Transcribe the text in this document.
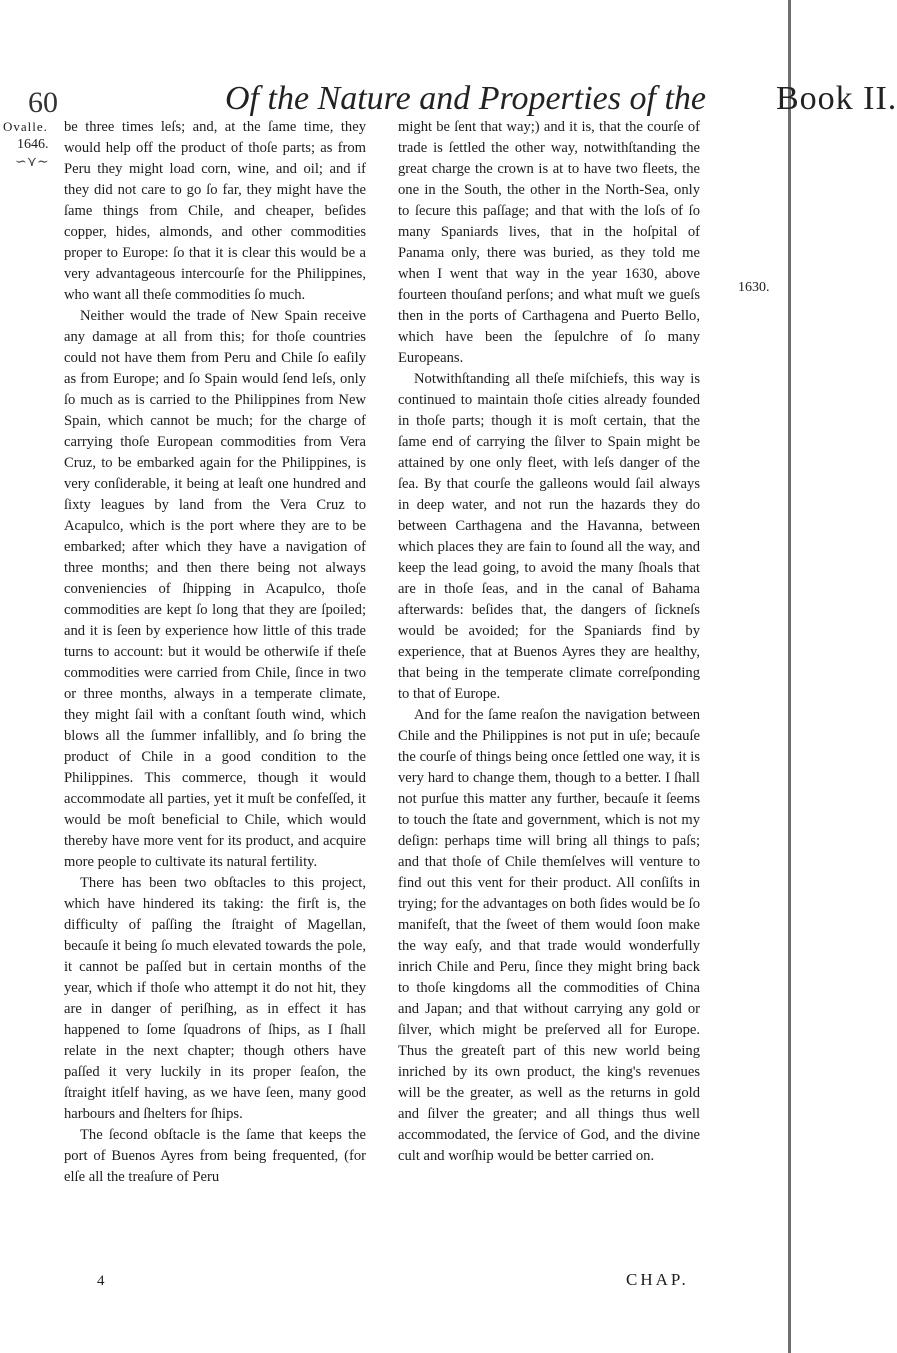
60	Of the Nature and Properties of the Book II.
Ovalle.
1646.
∽⋎∼
1630.

be three times leſs; and, at the ſame time, they would help off the product of thoſe parts; as from Peru they might load corn, wine, and oil; and if they did not care to go ſo far, they might have the ſame things from Chile, and cheaper, beſides copper, hides, almonds, and other commodities proper to Europe: ſo that it is clear this would be a very advantageous intercourſe for the Philippines, who want all theſe commodities ſo much.

Neither would the trade of New Spain receive any damage at all from this; for thoſe countries could not have them from Peru and Chile ſo eaſily as from Europe; and ſo Spain would ſend leſs, only ſo much as is carried to the Philippines from New Spain, which cannot be much; for the charge of carrying thoſe European commodities from Vera Cruz, to be embarked again for the Philippines, is very conſiderable, it being at leaſt one hundred and ſixty leagues by land from the Vera Cruz to Acapulco, which is the port where they are to be embarked; after which they have a navigation of three months; and then there being not always conveniencies of ſhipping in Acapulco, thoſe commodities are kept ſo long that they are ſpoiled; and it is ſeen by experience how little of this trade turns to account: but it would be otherwiſe if theſe commodities were carried from Chile, ſince in two or three months, always in a temperate climate, they might ſail with a conſtant ſouth wind, which blows all the ſummer infallibly, and ſo bring the product of Chile in a good condition to the Philippines. This commerce, though it would accommodate all parties, yet it muſt be confeſſed, it would be moſt beneficial to Chile, which would thereby have more vent for its product, and acquire more people to cultivate its natural fertility.

There has been two obſtacles to this project, which have hindered its taking: the firſt is, the difficulty of paſſing the ſtraight of Magellan, becauſe it being ſo much elevated towards the pole, it cannot be paſſed but in certain months of the year, which if thoſe who attempt it do not hit, they are in danger of periſhing, as in effect it has happened to ſome ſquadrons of ſhips, as I ſhall relate in the next chapter; though others have paſſed it very luckily in its proper ſeaſon, the ſtraight itſelf having, as we have ſeen, many good harbours and ſhelters for ſhips.

The ſecond obſtacle is the ſame that keeps the port of Buenos Ayres from being frequented, (for elſe all the treaſure of Peru

might be ſent that way;) and it is, that the courſe of trade is ſettled the other way, notwithſtanding the great charge the crown is at to have two fleets, the one in the South, the other in the North-Sea, only to ſecure this paſſage; and that with the loſs of ſo many Spaniards lives, that in the hoſpital of Panama only, there was buried, as they told me when I went that way in the year 1630, above fourteen thouſand perſons; and what muſt we gueſs then in the ports of Carthagena and Puerto Bello, which have been the ſepulchre of ſo many Europeans.

Notwithſtanding all theſe miſchiefs, this way is continued to maintain thoſe cities already founded in thoſe parts; though it is moſt certain, that the ſame end of carrying the ſilver to Spain might be attained by one only fleet, with leſs danger of the ſea. By that courſe the galleons would ſail always in deep water, and not run the hazards they do between Carthagena and the Havanna, between which places they are fain to ſound all the way, and keep the lead going, to avoid the many ſhoals that are in thoſe ſeas, and in the canal of Bahama afterwards: beſides that, the dangers of ſickneſs would be avoided; for the Spaniards find by experience, that at Buenos Ayres they are healthy, that being in the temperate climate correſponding to that of Europe.

And for the ſame reaſon the navigation between Chile and the Philippines is not put in uſe; becauſe the courſe of things being once ſettled one way, it is very hard to change them, though to a better. I ſhall not purſue this matter any further, becauſe it ſeems to touch the ſtate and government, which is not my deſign: perhaps time will bring all things to paſs; and that thoſe of Chile themſelves will venture to find out this vent for their product. All conſiſts in trying; for the advantages on both ſides would be ſo manifeſt, that the ſweet of them would ſoon make the way eaſy, and that trade would wonderfully inrich Chile and Peru, ſince they might bring back to thoſe kingdoms all the commodities of China and Japan; and that without carrying any gold or ſilver, which might be preſerved all for Europe. Thus the greateſt part of this new world being inriched by its own product, the king's revenues will be the greater, as well as the returns in gold and ſilver the greater; and all things thus well accommodated, the ſervice of God, and the divine cult and worſhip would be better carried on.

4	CHAP.
